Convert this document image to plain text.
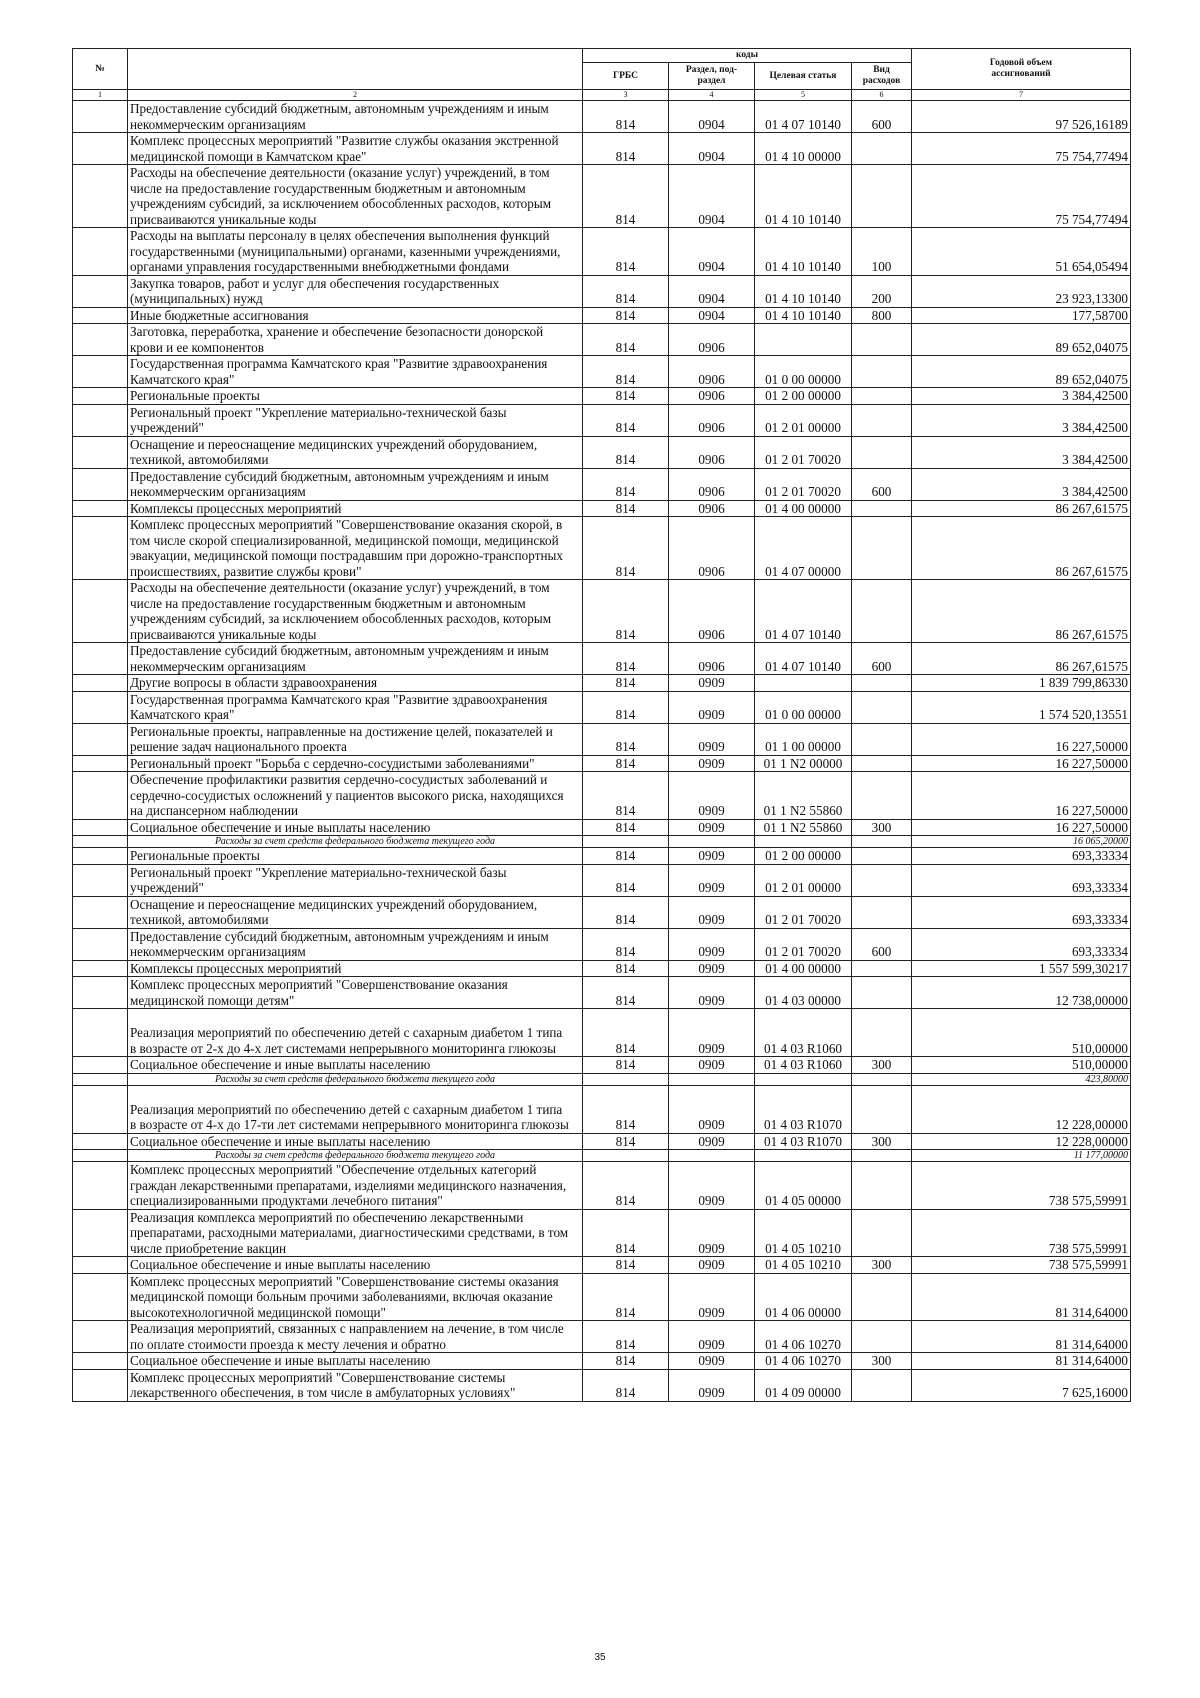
№		коды				Годовой объем
ассигнований
		ГРБС	Раздел, под-
раздел	Целевая статья	Вид
расходов	
1	2	3	4	5	6	7
	Предоставление субсидий бюджетным, автономным учреждениям и иным
некоммерческим организациям	814	0904	01 4 07 10140	600	97 526,16189
	Комплекс процессных мероприятий "Развитие службы оказания экстренной
медицинской помощи в Камчатском крае"	814	0904	01 4 10 00000		75 754,77494
	Расходы на обеспечение деятельности (оказание услуг) учреждений, в том
числе на предоставление государственным бюджетным и автономным
учреждениям субсидий, за исключением обособленных расходов, которым
присваиваются уникальные коды	814	0904	01 4 10 10140		75 754,77494
	Расходы на выплаты персоналу в целях обеспечения выполнения функций
государственными (муниципальными) органами, казенными учреждениями,
органами управления государственными внебюджетными фондами	814	0904	01 4 10 10140	100	51 654,05494
	Закупка товаров, работ и услуг для обеспечения государственных
(муниципальных) нужд	814	0904	01 4 10 10140	200	23 923,13300
	Иные бюджетные ассигнования	814	0904	01 4 10 10140	800	177,58700
	Заготовка, переработка, хранение и обеспечение безопасности донорской
крови и ее компонентов	814	0906			89 652,04075
	Государственная программа Камчатского края "Развитие здравоохранения
Камчатского края"	814	0906	01 0 00 00000		89 652,04075
	Региональные проекты	814	0906	01 2 00 00000		3 384,42500
	Региональный проект "Укрепление материально-технической базы
учреждений"	814	0906	01 2 01 00000		3 384,42500
	Оснащение и переоснащение медицинских учреждений оборудованием,
техникой, автомобилями	814	0906	01 2 01 70020		3 384,42500
	Предоставление субсидий бюджетным, автономным учреждениям и иным
некоммерческим организациям	814	0906	01 2 01 70020	600	3 384,42500
	Комплексы процессных мероприятий	814	0906	01 4 00 00000		86 267,61575
	Комплекс процессных мероприятий "Совершенствование оказания скорой, в
том числе скорой специализированной, медицинской помощи, медицинской
эвакуации, медицинской помощи пострадавшим при дорожно-транспортных
происшествиях, развитие службы крови"	814	0906	01 4 07 00000		86 267,61575
	Расходы на обеспечение деятельности (оказание услуг) учреждений, в том
числе на предоставление государственным бюджетным и автономным
учреждениям субсидий, за исключением обособленных расходов, которым
присваиваются уникальные коды	814	0906	01 4 07 10140		86 267,61575
	Предоставление субсидий бюджетным, автономным учреждениям и иным
некоммерческим организациям	814	0906	01 4 07 10140	600	86 267,61575
	Другие вопросы в области здравоохранения	814	0909			1 839 799,86330
	Государственная программа Камчатского края "Развитие здравоохранения
Камчатского края"	814	0909	01 0 00 00000		1 574 520,13551
	Региональные проекты, направленные на достижение целей, показателей и
решение задач национального проекта	814	0909	01 1 00 00000		16 227,50000
	Региональный проект "Борьба с сердечно-сосудистыми заболеваниями"	814	0909	01 1 N2 00000		16 227,50000
	Обеспечение профилактики развития сердечно-сосудистых заболеваний и
сердечно-сосудистых осложнений у пациентов высокого риска, находящихся
на диспансерном наблюдении	814	0909	01 1 N2 55860		16 227,50000
	Социальное обеспечение и иные выплаты населению	814	0909	01 1 N2 55860	300	16 227,50000
	Расходы за счет средств федерального бюджета текущего года					16 065,20000
	Региональные проекты	814	0909	01 2 00 00000		693,33334
	Региональный проект "Укрепление материально-технической базы
учреждений"	814	0909	01 2 01 00000		693,33334
	Оснащение и переоснащение медицинских учреждений оборудованием,
техникой, автомобилями	814	0909	01 2 01 70020		693,33334
	Предоставление субсидий бюджетным, автономным учреждениям и иным
некоммерческим организациям	814	0909	01 2 01 70020	600	693,33334
	Комплексы процессных мероприятий	814	0909	01 4 00 00000		1 557 599,30217
	Комплекс процессных мероприятий "Совершенствование оказания
медицинской помощи детям"	814	0909	01 4 03 00000		12 738,00000
	Реализация мероприятий по обеспечению детей с сахарным диабетом 1 типа
в возрасте от 2-х до 4-х лет системами непрерывного мониторинга глюкозы	814	0909	01 4 03 R1060		510,00000
	Социальное обеспечение и иные выплаты населению	814	0909	01 4 03 R1060	300	510,00000
	Расходы за счет средств федерального бюджета текущего года					423,80000
	Реализация мероприятий по обеспечению детей с сахарным диабетом 1 типа
в возрасте от 4-х до 17-ти лет системами непрерывного мониторинга глюкозы	814	0909	01 4 03 R1070		12 228,00000
	Социальное обеспечение и иные выплаты населению	814	0909	01 4 03 R1070	300	12 228,00000
	Расходы за счет средств федерального бюджета текущего года					11 177,00000
	Комплекс процессных мероприятий "Обеспечение отдельных категорий
граждан лекарственными препаратами, изделиями медицинского назначения,
специализированными продуктами лечебного питания"	814	0909	01 4 05 00000		738 575,59991
	Реализация комплекса мероприятий по обеспечению лекарственными
препаратами, расходными материалами, диагностическими средствами, в том
числе приобретение вакцин	814	0909	01 4 05 10210		738 575,59991
	Социальное обеспечение и иные выплаты населению	814	0909	01 4 05 10210	300	738 575,59991
	Комплекс процессных мероприятий "Совершенствование системы оказания
медицинской помощи больным прочими заболеваниями, включая оказание
высокотехнологичной медицинской помощи"	814	0909	01 4 06 00000		81 314,64000
	Реализация мероприятий, связанных с направлением на лечение, в том числе
по оплате стоимости проезда к месту лечения и обратно	814	0909	01 4 06 10270		81 314,64000
	Социальное обеспечение и иные выплаты населению	814	0909	01 4 06 10270	300	81 314,64000
	Комплекс процессных мероприятий "Совершенствование системы
лекарственного обеспечения, в том числе в амбулаторных условиях"	814	0909	01 4 09 00000		7 625,16000
35
